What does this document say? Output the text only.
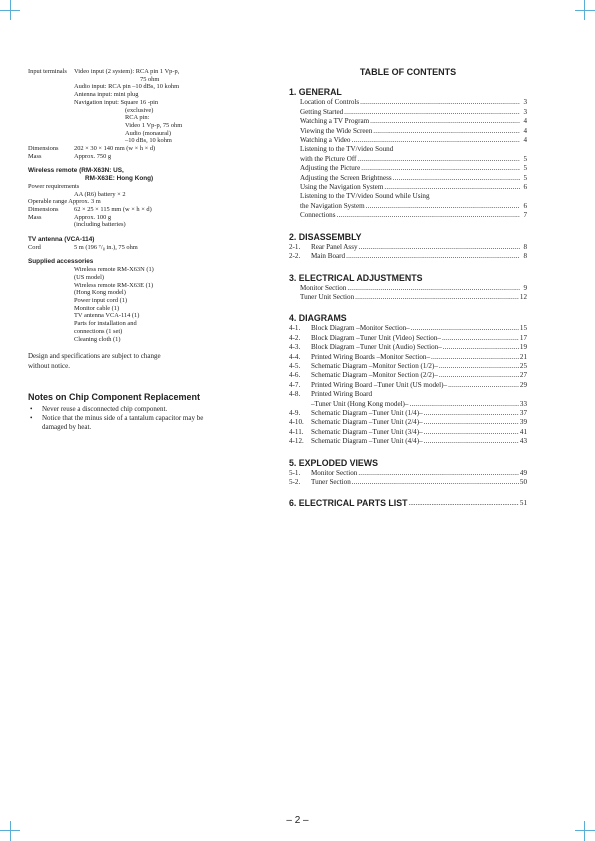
Input terminals	Video input (2 system): RCA pin 1 Vp-p,
75 ohm
Audio input: RCA pin –10 dBs, 10 kohm
Antenna input: mini plug
Navigation input: Square 16 -pin
(exclusive)
RCA pin:
Video 1 Vp-p, 75 ohm
Audio (monaural)
–10 dBs, 10 kohm
Dimensions	202 × 30 × 140 mm (w × h × d)
Mass	Approx. 750 g
Wireless remote (RM-X63N: US,
RM-X63E: Hong Kong)
Power requirements
AA (R6) battery × 2
Operable range Approx. 3 m
Dimensions	62 × 25 × 115 mm (w × h × d)
Mass	Approx. 100 g
(including batteries)
TV antenna (VCA-114)
Cord	5 m (196 ⁷/₈ in.), 75 ohm
Supplied accessories
Wireless remote RM-X63N (1)
(US model)
Wireless remote RM-X63E (1)
(Hong Kong model)
Power input cord (1)
Monitor cable (1)
TV antenna VCA-114 (1)
Parts for installation and
connections (1 set)
Cleaning cloth (1)
Design and specifications are subject to change
without notice.
Notes on Chip Component Replacement
•	Never reuse a disconnected chip component.
•	Notice that the minus side of a tantalum capacitor may be
damaged by heat.
TABLE OF CONTENTS
1. GENERAL
Location of Controls .....	3
Getting Started .....	3
Watching a TV Program .....	4
Viewing the Wide Screen .....	4
Watching a Video .....	4
Listening to the TV/video Sound
with the Picture Off .....	5
Adjusting the Picture .....	5
Adjusting the Screen Brightness .....	5
Using the Navigation System .....	6
Listening to the TV/video Sound while Using
the Navigation System .....	6
Connections .....	7
2. DISASSEMBLY
2-1.	Rear Panel Assy .....	8
2-2.	Main Board .....	8
3. ELECTRICAL ADJUSTMENTS
Monitor Section .....	9
Tuner Unit Section .....	12
4. DIAGRAMS
4-1.	Block Diagram –Monitor Section– .....	15
4-2.	Block Diagram –Tuner Unit (Video) Section– .....	17
4-3.	Block Diagram –Tuner Unit (Audio) Section– .....	19
4-4.	Printed Wiring Boards –Monitor Section– .....	21
4-5.	Schematic Diagram –Monitor Section (1/2)– .....	25
4-6.	Schematic Diagram –Monitor Section (2/2)– .....	27
4-7.	Printed Wiring Board –Tuner Unit (US model)– .....	29
4-8.	Printed Wiring Board
–Tuner Unit (Hong Kong model)– .....	33
4-9.	Schematic Diagram –Tuner Unit (1/4)– .....	37
4-10.	Schematic Diagram –Tuner Unit (2/4)– .....	39
4-11.	Schematic Diagram –Tuner Unit (3/4)– .....	41
4-12.	Schematic Diagram –Tuner Unit (4/4)– .....	43
5. EXPLODED VIEWS
5-1.	Monitor Section .....	49
5-2.	Tuner Section .....	50
6. ELECTRICAL PARTS LIST .....	51
– 2 –
